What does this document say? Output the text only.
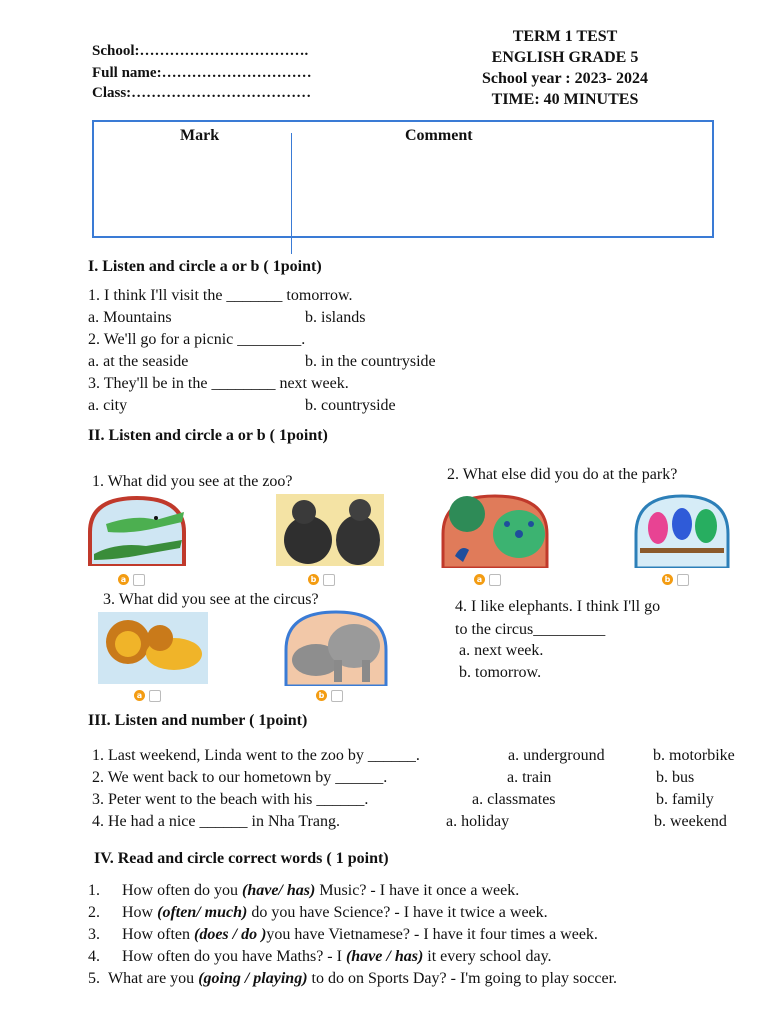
School:…………………………….
Full name:…………………………
Class:………………………………
TERM 1 TEST
ENGLISH GRADE 5
School year : 2023- 2024
TIME: 40 MINUTES
Mark	Comment
I. Listen and circle a or b ( 1point)
1. I think I'll visit the _______ tomorrow.
a. Mountains	b. islands
2. We'll go for a picnic ________.
a. at the seaside	b. in the countryside
3. They'll be in the ________ next week.
a. city	b. countryside
II. Listen and circle a or b ( 1point)
1. What did you see at the zoo?	2. What else did you do at the park?
a	b	a	b
3. What did you see at the circus?
a	b
4. I like elephants. I think I'll go
to the circus_________
a. next week.
b. tomorrow.
III. Listen and number ( 1point)
1. Last weekend, Linda went to the zoo by ______.	a. underground	b. motorbike
2. We went back to our hometown by ______.	a. train	b. bus
3. Peter went to the beach with his ______.	a. classmates	b. family
4. He had a nice ______ in Nha Trang.	a. holiday	b. weekend
IV. Read and circle correct words ( 1 point)
1. How often do you (have/ has) Music? - I have it once a week.
2. How (often/ much) do you have Science? - I have it twice a week.
3. How often (does / do )you have Vietnamese? - I have it four times a week.
4. How often do you have Maths? - I (have / has) it every school day.
5. What are you (going / playing) to do on Sports Day? - I'm going to play soccer.
